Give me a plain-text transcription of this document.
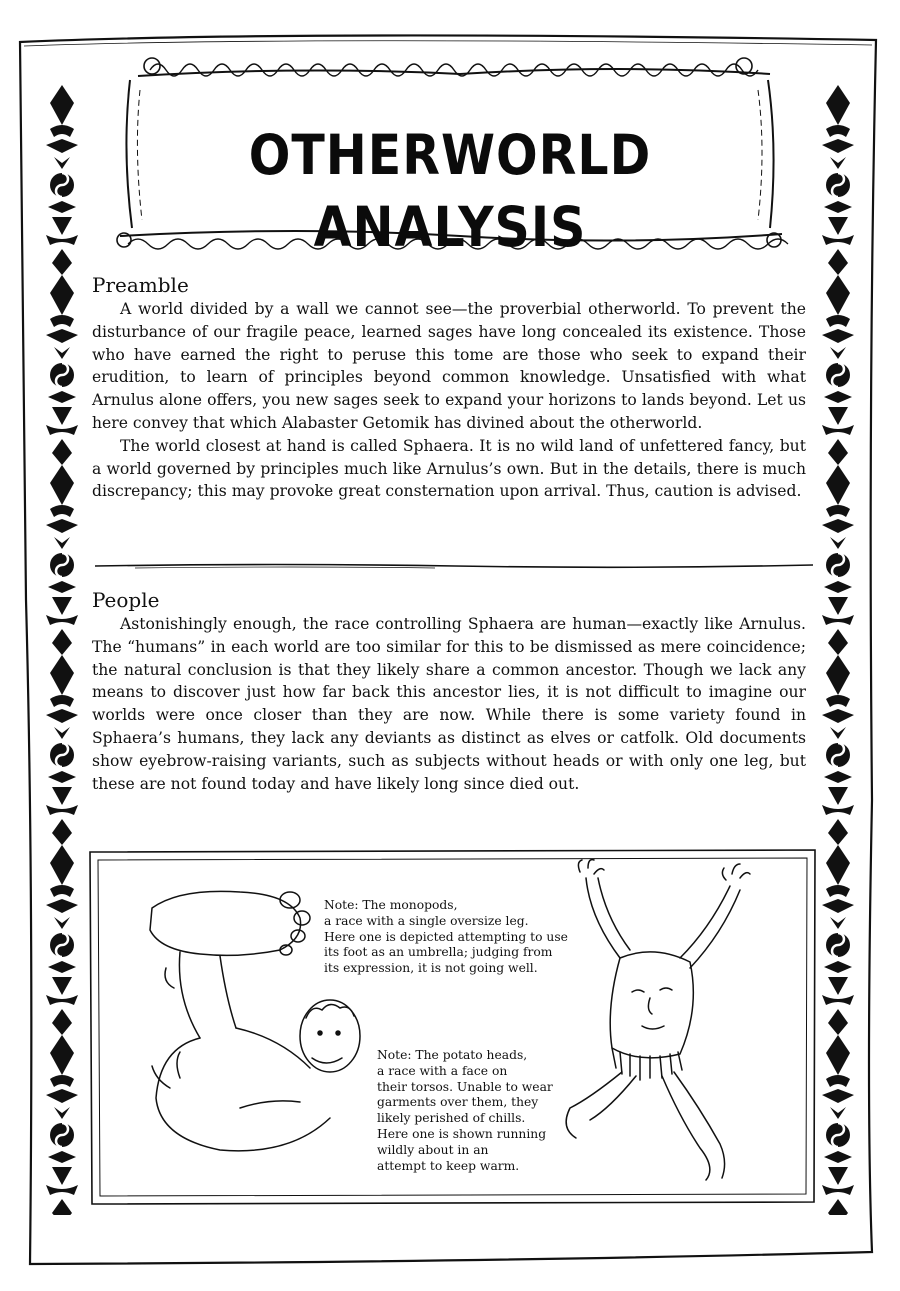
OTHERWORLD ANALYSIS
Preamble

A world divided by a wall we cannot see—the proverbial otherworld. To prevent the disturbance of our fragile peace, learned sages have long concealed its existence. Those who have earned the right to peruse this tome are those who seek to expand their erudition, to learn of principles beyond common knowledge. Unsatisfied with what Arnulus alone offers, you new sages seek to expand your horizons to lands beyond. Let us here convey that which Alabaster Getomik has divined about the otherworld.

The world closest at hand is called Sphaera. It is no wild land of unfettered fancy, but a world governed by principles much like Arnulus’s own. But in the details, there is much discrepancy; this may provoke great consternation upon arrival. Thus, caution is advised.

People

Astonishingly enough, the race controlling Sphaera are human—exactly like Arnulus. The “humans” in each world are too similar for this to be dismissed as mere coincidence; the natural conclusion is that they likely share a common ancestor. Though we lack any means to discover just how far back this ancestor lies, it is not difficult to imagine our worlds were once closer than they are now. While there is some variety found in Sphaera’s humans, they lack any deviants as distinct as elves or catfolk. Old documents show eyebrow-raising variants, such as subjects without heads or with only one leg, but these are not found today and have likely long since died out.

Note: The monopods,
a race with a single oversize leg.
Here one is depicted attempting to use
its foot as an umbrella; judging from
its expression, it is not going well.

Note: The potato heads,
a race with a face on
their torsos. Unable to wear
garments over them, they
likely perished of chills.
Here one is shown running
wildly about in an
attempt to keep warm.
